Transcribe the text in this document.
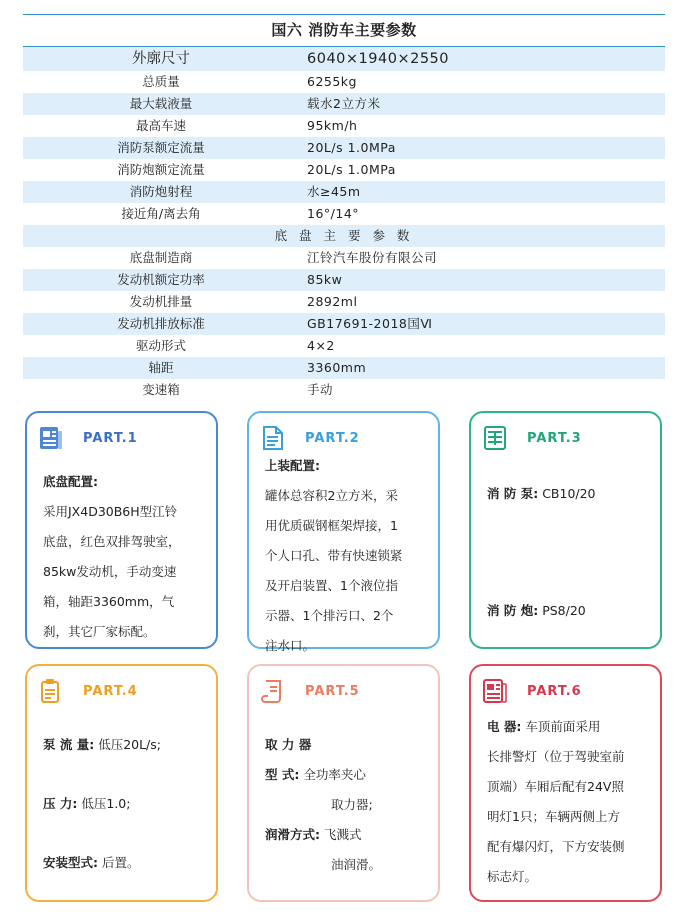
国六 消防车主要参数
外廓尺寸	6040×1940×2550
总质量	6255kg
最大载液量	载水2立方米
最高车速	95km/h
消防泵额定流量	20L/s 1.0MPa
消防炮额定流量	20L/s 1.0MPa
消防炮射程	水≥45m
接近角/离去角	16°/14°
底 盘 主 要 参 数
底盘制造商	江铃汽车股份有限公司
发动机额定功率	85kw
发动机排量	2892ml
发动机排放标准	GB17691-2018国Ⅵ
驱动形式	4×2
轴距	3360mm
变速箱	手动
PART.1
底盘配置:
采用JX4D30B6H型江铃
底盘，红色双排驾驶室，
85kw发动机，手动变速
箱，轴距3360mm，气
刹，其它厂家标配。
PART.2
上装配置:
罐体总容积2立方米，采
用优质碳钢框架焊接，1
个人口孔、带有快速锁紧
及开启装置、1个液位指
示器、1个排污口、2个
注水口。
PART.3
消 防 泵: CB10/20
消 防 炮: PS8/20
PART.4
泵 流 量: 低压20L/s;
压 力: 低压1.0;
安装型式: 后置。
PART.5
取 力 器
型 式: 全功率夹心
取力器;
润滑方式: 飞溅式
油润滑。
PART.6
电 器: 车顶前面采用
长排警灯（位于驾驶室前
顶端）车厢后配有24V照
明灯1只；车辆两侧上方
配有爆闪灯，下方安装侧
标志灯。
